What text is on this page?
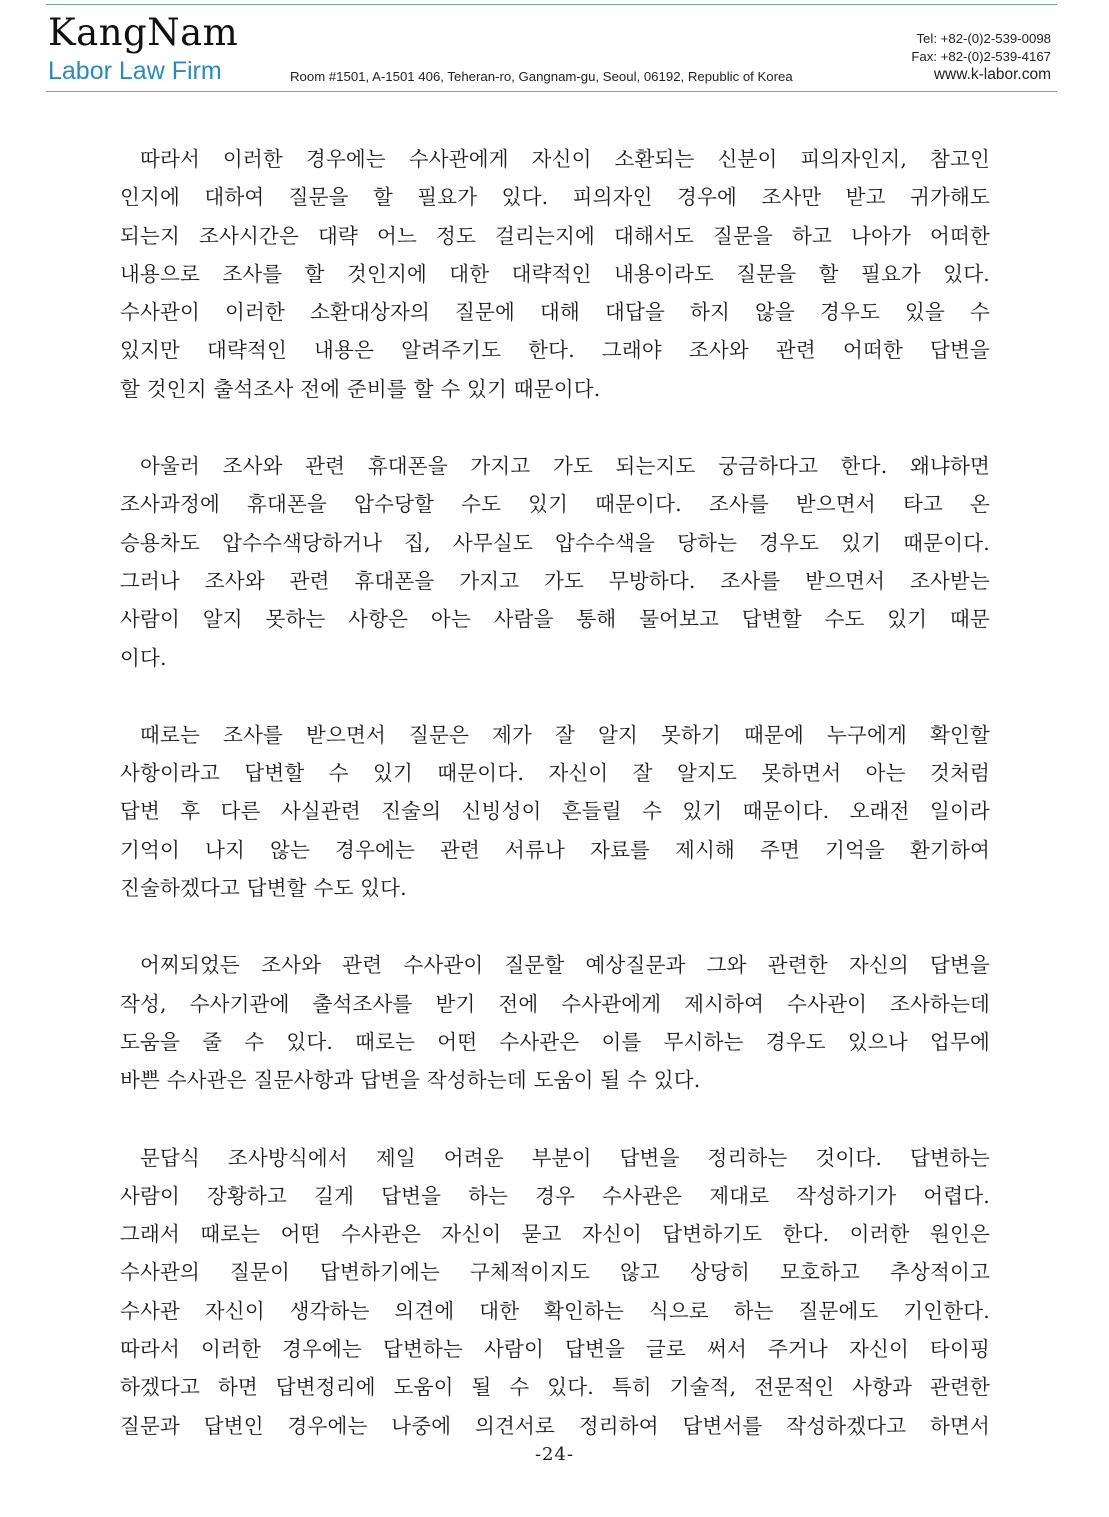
KangNam
Labor Law Firm	Room #1501, A-1501 406, Teheran-ro, Gangnam-gu, Seoul, 06192, Republic of Korea
Tel: +82-(0)2-539-0098
Fax: +82-(0)2-539-4167
www.k-labor.com
따라서 이러한 경우에는 수사관에게 자신이 소환되는 신분이 피의자인지, 참고인
인지에 대하여 질문을 할 필요가 있다. 피의자인 경우에 조사만 받고 귀가해도
되는지 조사시간은 대략 어느 정도 걸리는지에 대해서도 질문을 하고 나아가 어떠한
내용으로 조사를 할 것인지에 대한 대략적인 내용이라도 질문을 할 필요가 있다.
수사관이 이러한 소환대상자의 질문에 대해 대답을 하지 않을 경우도 있을 수
있지만 대략적인 내용은 알려주기도 한다. 그래야 조사와 관련 어떠한 답변을
할 것인지 출석조사 전에 준비를 할 수 있기 때문이다.
아울러 조사와 관련 휴대폰을 가지고 가도 되는지도 궁금하다고 한다. 왜냐하면
조사과정에 휴대폰을 압수당할 수도 있기 때문이다. 조사를 받으면서 타고 온
승용차도 압수수색당하거나 집, 사무실도 압수수색을 당하는 경우도 있기 때문이다.
그러나 조사와 관련 휴대폰을 가지고 가도 무방하다. 조사를 받으면서 조사받는
사람이 알지 못하는 사항은 아는 사람을 통해 물어보고 답변할 수도 있기 때문
이다.
때로는 조사를 받으면서 질문은 제가 잘 알지 못하기 때문에 누구에게 확인할
사항이라고 답변할 수 있기 때문이다. 자신이 잘 알지도 못하면서 아는 것처럼
답변 후 다른 사실관련 진술의 신빙성이 흔들릴 수 있기 때문이다. 오래전 일이라
기억이 나지 않는 경우에는 관련 서류나 자료를 제시해 주면 기억을 환기하여
진술하겠다고 답변할 수도 있다.
어찌되었든 조사와 관련 수사관이 질문할 예상질문과 그와 관련한 자신의 답변을
작성, 수사기관에 출석조사를 받기 전에 수사관에게 제시하여 수사관이 조사하는데
도움을 줄 수 있다. 때로는 어떤 수사관은 이를 무시하는 경우도 있으나 업무에
바쁜 수사관은 질문사항과 답변을 작성하는데 도움이 될 수 있다.
문답식 조사방식에서 제일 어려운 부분이 답변을 정리하는 것이다. 답변하는
사람이 장황하고 길게 답변을 하는 경우 수사관은 제대로 작성하기가 어렵다.
그래서 때로는 어떤 수사관은 자신이 묻고 자신이 답변하기도 한다. 이러한 원인은
수사관의 질문이 답변하기에는 구체적이지도 않고 상당히 모호하고 추상적이고
수사관 자신이 생각하는 의견에 대한 확인하는 식으로 하는 질문에도 기인한다.
따라서 이러한 경우에는 답변하는 사람이 답변을 글로 써서 주거나 자신이 타이핑
하겠다고 하면 답변정리에 도움이 될 수 있다. 특히 기술적, 전문적인 사항과 관련한
질문과 답변인 경우에는 나중에 의견서로 정리하여 답변서를 작성하겠다고 하면서
-24-
